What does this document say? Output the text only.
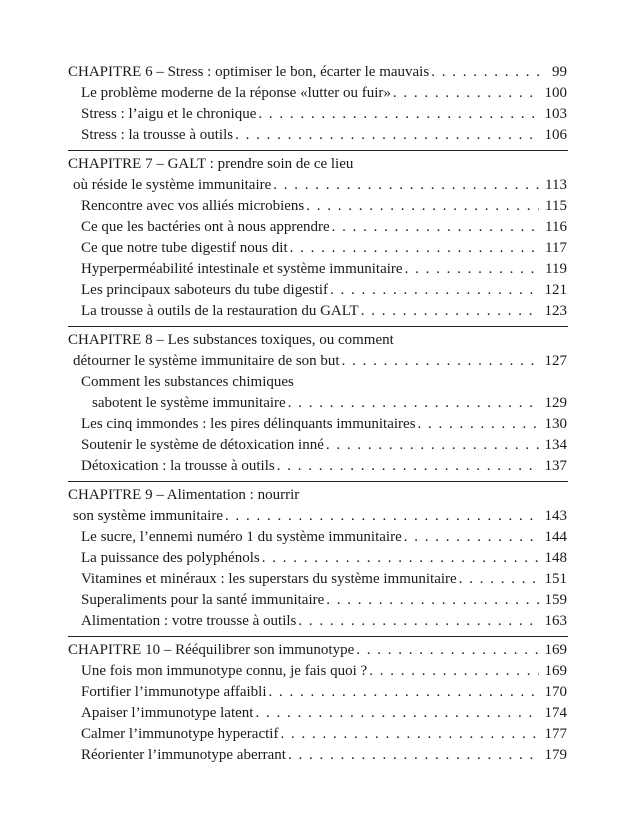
CHAPITRE 6 – Stress : optimiser le bon, écarter le mauvais . . .	99
Le problème moderne de la réponse «lutter ou fuir» . . .	100
Stress : l’aigu et le chronique . . .	103
Stress : la trousse à outils . . .	106
CHAPITRE 7 – GALT : prendre soin de ce lieu
où réside le système immunitaire . . .	113
Rencontre avec vos alliés microbiens . . .	115
Ce que les bactéries ont à nous apprendre . . .	116
Ce que notre tube digestif nous dit . . .	117
Hyperperméabilité intestinale et système immunitaire . . .	119
Les principaux saboteurs du tube digestif . . .	121
La trousse à outils de la restauration du GALT . . .	123
CHAPITRE 8 – Les substances toxiques, ou comment
détourner le système immunitaire de son but . . .	127
Comment les substances chimiques
sabotent le système immunitaire . . .	129
Les cinq immondes : les pires délinquants immunitaires . . .	130
Soutenir le système de détoxication inné . . .	134
Détoxication : la trousse à outils . . .	137
CHAPITRE 9 – Alimentation : nourrir
son système immunitaire . . .	143
Le sucre, l’ennemi numéro 1 du système immunitaire . . .	144
La puissance des polyphénols . . .	148
Vitamines et minéraux : les superstars du système immunitaire . . .	151
Superaliments pour la santé immunitaire . . .	159
Alimentation : votre trousse à outils . . .	163
CHAPITRE 10 – Rééquilibrer son immunotype . . .	169
Une fois mon immunotype connu, je fais quoi ? . . .	169
Fortifier l’immunotype affaibli . . .	170
Apaiser l’immunotype latent . . .	174
Calmer l’immunotype hyperactif . . .	177
Réorienter l’immunotype aberrant . . .	179
